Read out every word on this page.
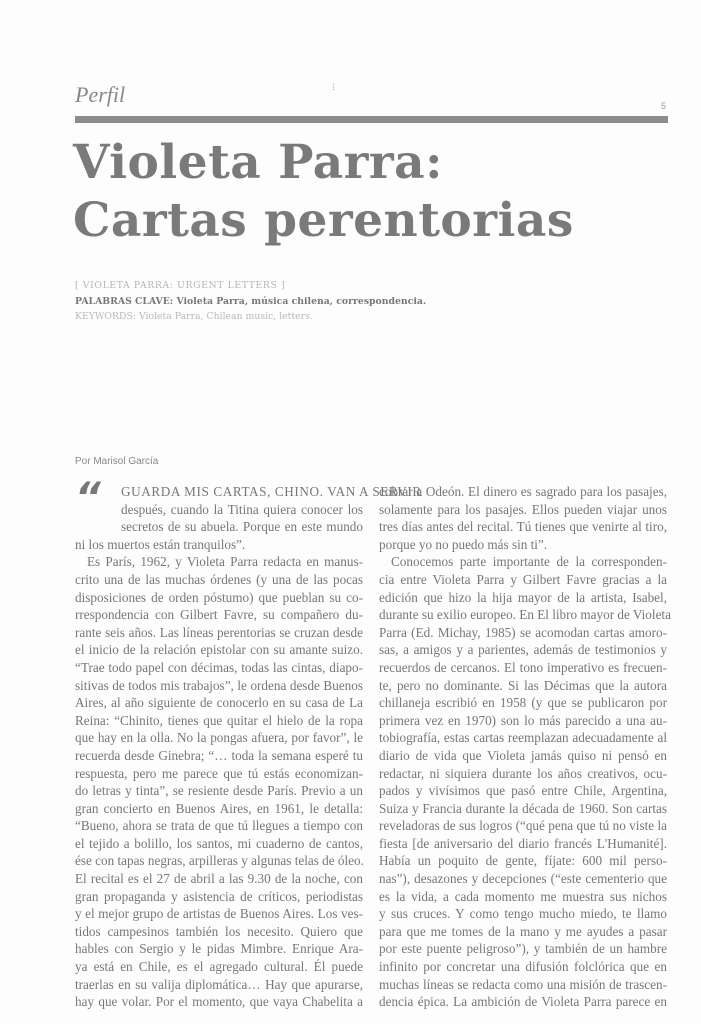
Perfil	ⵗ
5
Violeta Parra:
Cartas perentorias
[ VIOLETA PARRA: URGENT LETTERS ]
PALABRAS CLAVE: Violeta Parra, música chilena, correspondencia.
KEYWORDS: Violeta Parra, Chilean music, letters.
Por Marisol García
“	GUARDA MIS CARTAS, CHINO. VAN A SERVIR
después, cuando la Titina quiera conocer los
secretos de su abuela. Porque en este mundo
ni los muertos están tranquilos”.
Es París, 1962, y Violeta Parra redacta en manus-
crito una de las muchas órdenes (y una de las pocas
disposiciones de orden póstumo) que pueblan su co-
rrespondencia con Gilbert Favre, su compañero du-
rante seis años. Las líneas perentorias se cruzan desde
el inicio de la relación epistolar con su amante suizo.
“Trae todo papel con décimas, todas las cintas, diapo-
sitivas de todos mis trabajos”, le ordena desde Buenos
Aires, al año siguiente de conocerlo en su casa de La
Reina: “Chinito, tienes que quitar el hielo de la ropa
que hay en la olla. No la pongas afuera, por favor”, le
recuerda desde Ginebra; “… toda la semana esperé tu
respuesta, pero me parece que tú estás economizan-
do letras y tinta”, se resiente desde París. Previo a un
gran concierto en Buenos Aires, en 1961, le detalla:
“Bueno, ahora se trata de que tú llegues a tiempo con
el tejido a bolillo, los santos, mi cuaderno de cantos,
ése con tapas negras, arpilleras y algunas telas de óleo.
El recital es el 27 de abril a las 9.30 de la noche, con
gran propaganda y asistencia de críticos, periodistas
y el mejor grupo de artistas de Buenos Aires. Los ves-
tidos campesinos también los necesito. Quiero que
hables con Sergio y le pidas Mimbre. Enrique Ara-
ya está en Chile, es el agregado cultural. Él puede
traerlas en su valija diplomática… Hay que apurarse,
hay que volar. Por el momento, que vaya Chabelita a
cobrar a Odeón. El dinero es sagrado para los pasajes,
solamente para los pasajes. Ellos pueden viajar unos
tres días antes del recital. Tú tienes que venirte al tiro,
porque yo no puedo más sin ti”.
Conocemos parte importante de la corresponden-
cia entre Violeta Parra y Gilbert Favre gracias a la
edición que hizo la hija mayor de la artista, Isabel,
durante su exilio europeo. En El libro mayor de Violeta
Parra (Ed. Michay, 1985) se acomodan cartas amoro-
sas, a amigos y a parientes, además de testimonios y
recuerdos de cercanos. El tono imperativo es frecuen-
te, pero no dominante. Si las Décimas que la autora
chillaneja escribió en 1958 (y que se publicaron por
primera vez en 1970) son lo más parecido a una au-
tobiografía, estas cartas reemplazan adecuadamente al
diario de vida que Violeta jamás quiso ni pensó en
redactar, ni siquiera durante los años creativos, ocu-
pados y vivísimos que pasó entre Chile, Argentina,
Suiza y Francia durante la década de 1960. Son cartas
reveladoras de sus logros (“qué pena que tú no viste la
fiesta [de aniversario del diario francés L'Humanité].
Había un poquito de gente, fíjate: 600 mil perso-
nas”), desazones y decepciones (“este cementerio que
es la vida, a cada momento me muestra sus nichos
y sus cruces. Y como tengo mucho miedo, te llamo
para que me tomes de la mano y me ayudes a pasar
por este puente peligroso”), y también de un hambre
infinito por concretar una difusión folclórica que en
muchas líneas se redacta como una misión de trascen-
dencia épica. La ambición de Violeta Parra parece en
